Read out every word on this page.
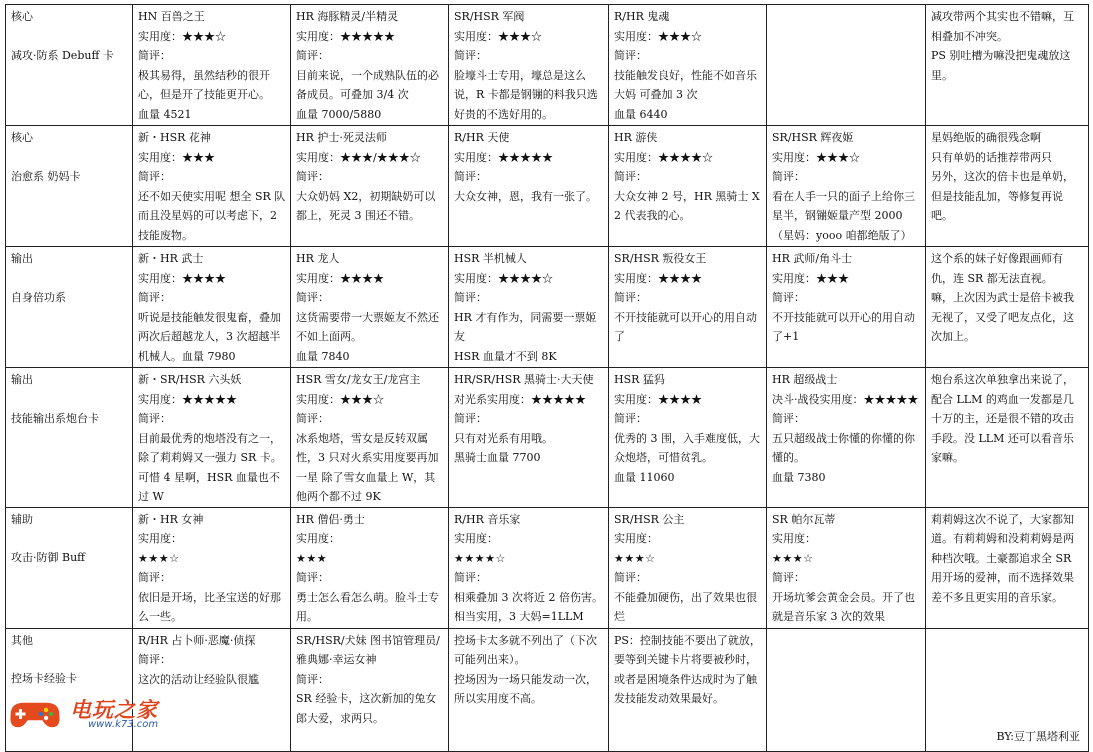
核心
减攻·防系 Debuff 卡	HN 百兽之王
实用度：★★★☆
简评：
极其易得，虽然结秒的很开心，但是开了技能更开心。
血量 4521	HR 海豚精灵/半精灵
实用度：★★★★★
简评：
目前来说，一个成熟队伍的必备成员。可叠加 3/4 次
血量 7000/5880	SR/HSR 军阀
实用度：★★★☆
简评：
脸壕斗士专用，壕总是这么说，R 卡都是钢镚的料我只选好贵的不选好用的。	R/HR 鬼魂
实用度：★★★☆
简评：
技能触发良好，性能不如音乐大妈 可叠加 3 次
血量 6440		减攻带两个其实也不错嘛，互相叠加不冲突。
PS 别吐槽为嘛没把鬼魂放这里。

核心
治愈系 奶妈卡	新・HSR 花神
实用度：★★★
简评：
还不如天使实用呢 想全 SR 队而且没星妈的可以考虑下，2 技能废物。	HR 护士·死灵法师
实用度：★★★/★★★☆
简评：
大众奶妈 X2，初期缺奶可以都上，死灵 3 围还不错。	R/HR 天使
实用度：★★★★★
简评：
大众女神，恩，我有一张了。	HR 游侠
实用度：★★★★☆
简评：
大众女神 2 号，HR 黑骑士 X2 代表我的心。	SR/HSR 辉夜姬
实用度：★★★☆
简评：
看在人手一只的面子上给你三星半，钢镚姬量产型 2000（星妈：yooo 咱都绝版了）	星妈绝版的确很残念啊
只有单奶的话推荐带两只
另外，这次的倍卡也是单奶，但是技能乱加，等修复再说吧。

输出
自身倍功系	新・HR 武士
实用度：★★★★
简评：
听说是技能触发很鬼畜，叠加两次后超越龙人，3 次超越半机械人。血量 7980	HR 龙人
实用度：★★★★
简评：
这货需要带一大票姬友不然还不如上面两。
血量 7840	HSR 半机械人
实用度：★★★★☆
简评：
HR 才有作为，同需要一票姬友
HSR 血量才不到 8K	SR/HSR 叛役女王
实用度：★★★★
简评：
不开技能就可以开心的用自动了	HR 武师/角斗士
实用度：★★★
简评：
不开技能就可以开心的用自动了+1	这个系的妹子好像跟画师有仇，连 SR 都无法直视。
嘛，上次因为武士是倍卡被我无视了，又受了吧友点化，这次加上。

输出
技能输出系炮台卡	新・SR/HSR 六头妖
实用度：★★★★★
简评：
目前最优秀的炮塔没有之一，除了莉莉姆又一强力 SR 卡。可惜 4 星啊，HSR 血量也不过 W	HSR 雪女/龙女王/龙宫主
实用度：★★★☆
简评：
冰系炮塔，雪女是反转双属性，3 只对火系实用度要再加一星 除了雪女血量上 W，其他两个都不过 9K	HR/SR/HSR 黑骑士·大天使
对光系实用度：★★★★★
简评：
只有对光系有用哦。
黑骑士血量 7700	HSR 猛犸
实用度：★★★★
简评：
优秀的 3 围，入手难度低，大众炮塔，可惜贫乳。
血量 11060	HR 超级战士
决斗·战役实用度：★★★★★
简评：
五只超级战士你懂的你懂的你懂的。
血量 7380	炮台系这次单独拿出来说了，配合 LLM 的鸡血一发都是几十万的主，还是很不错的攻击手段。没 LLM 还可以看音乐家嘛。

辅助
攻击·防御 Buff	新・HR 女神
实用度：
★★★☆
简评：
依旧是开场，比圣宝送的好那么一些。	HR 僧侣·勇士
实用度：
★★★
简评：
勇士怎么看怎么萌。脸斗士专用。	R/HR 音乐家
实用度：
★★★★☆
简评：
相乘叠加 3 次将近 2 倍伤害。相当实用，3 大妈=1LLM	SR/HSR 公主
实用度：
★★★☆
简评：
不能叠加硬伤，出了效果也很烂	SR 帕尔瓦蒂
实用度：
★★★☆
简评：
开场坑爹会黄金会员。开了也就是音乐家 3 次的效果	莉莉姆这次不说了，大家都知道。有莉莉姆和没莉莉姆是两种档次哦。土豪都追求全 SR 用开场的爱神，而不选择效果差不多且更实用的音乐家。

其他
控场卡经验卡	R/HR 占卜师·恶魔·侦探
简评：
这次的活动让经验队很尴	SR/HSR/犬妹 图书馆管理员/雅典娜·幸运女神
简评：
SR 经验卡，这次新加的兔女郎大爱，求两只。	控场卡太多就不列出了（下次可能列出来）。
控场因为一场只能发动一次，所以实用度不高。	PS：控制技能不要出了就放，要等到关键卡片将要被秒时，或者是困境条件达成时为了触发技能发动效果最好。		BY:豆丁黑塔利亚
电玩之家
www.k73.com
